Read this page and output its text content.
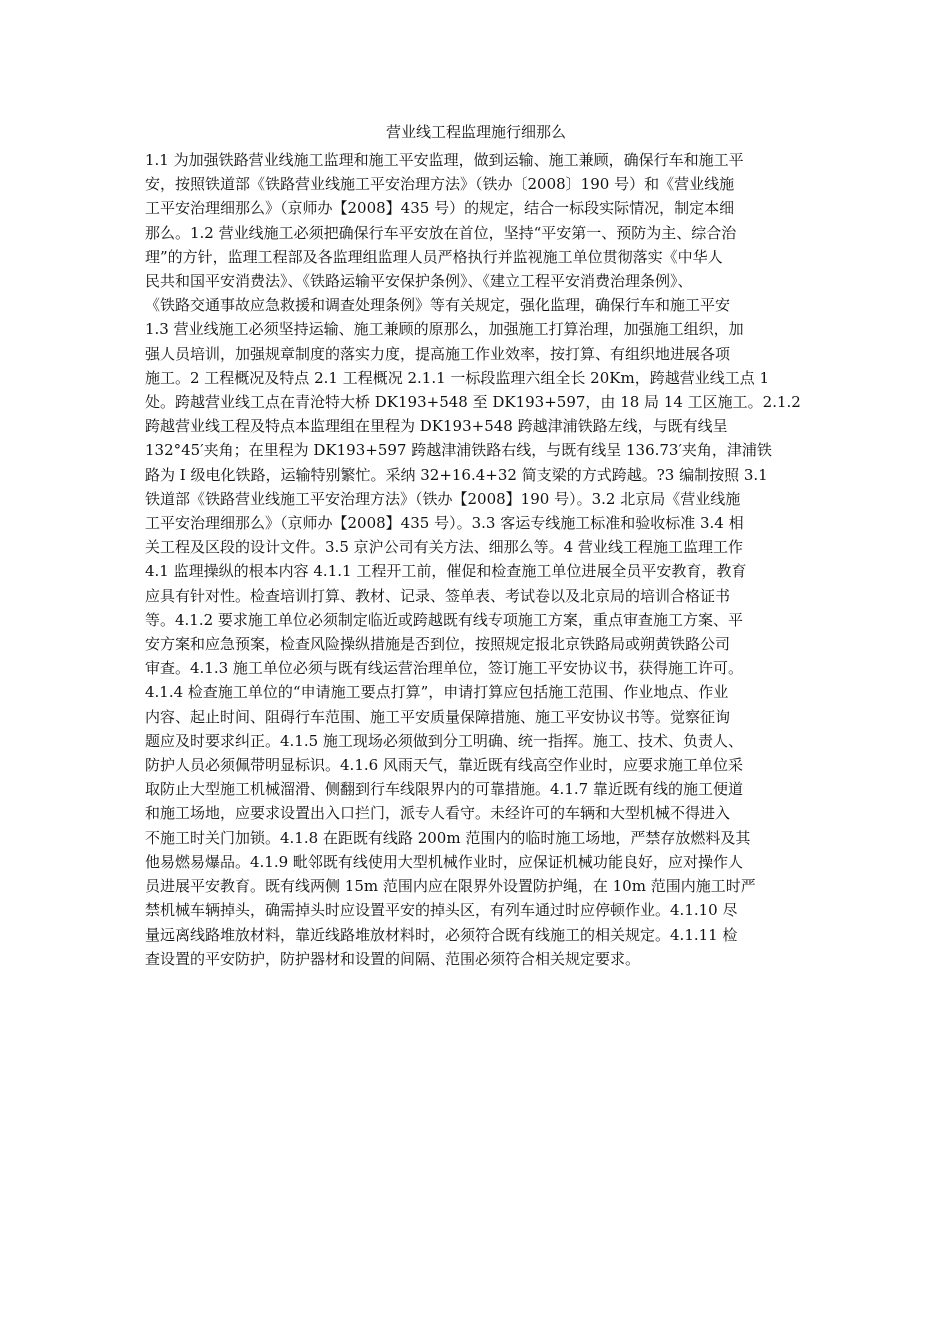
营业线工程监理施行细那么
1.1 为加强铁路营业线施工监理和施工平安监理，做到运输、施工兼顾，确保行车和施工平
安，按照铁道部《铁路营业线施工平安治理方法》（铁办〔2008〕190 号）和《营业线施
工平安治理细那么》（京师办【2008】435 号）的规定，结合一标段实际情况，制定本细
那么。1.2 营业线施工必须把确保行车平安放在首位，坚持“平安第一、预防为主、综合治
理”的方针，监理工程部及各监理组监理人员严格执行并监视施工单位贯彻落实《中华人
民共和国平安消费法》、《铁路运输平安保护条例》、《建立工程平安消费治理条例》、
《铁路交通事故应急救援和调查处理条例》等有关规定，强化监理，确保行车和施工平安
1.3 营业线施工必须坚持运输、施工兼顾的原那么，加强施工打算治理，加强施工组织，加
强人员培训，加强规章制度的落实力度，提高施工作业效率，按打算、有组织地进展各项
施工。2 工程概况及特点 2.1 工程概况 2.1.1 一标段监理六组全长 20Km，跨越营业线工点 1
处。跨越营业线工点在青沧特大桥 DK193+548 至 DK193+597，由 18 局 14 工区施工。2.1.2
跨越营业线工程及特点本监理组在里程为 DK193+548 跨越津浦铁路左线，与既有线呈
132°45′夹角；在里程为 DK193+597 跨越津浦铁路右线，与既有线呈 136.73′夹角，津浦铁
路为 I 级电化铁路，运输特别繁忙。采纳 32+16.4+32 简支梁的方式跨越。?3 编制按照 3.1
铁道部《铁路营业线施工平安治理方法》（铁办【2008】190 号）。3.2 北京局《营业线施
工平安治理细那么》（京师办【2008】435 号）。3.3 客运专线施工标准和验收标准 3.4 相
关工程及区段的设计文件。3.5 京沪公司有关方法、细那么等。4 营业线工程施工监理工作
4.1 监理操纵的根本内容 4.1.1 工程开工前，催促和检查施工单位进展全员平安教育，教育
应具有针对性。检查培训打算、教材、记录、签单表、考试卷以及北京局的培训合格证书
等。4.1.2 要求施工单位必须制定临近或跨越既有线专项施工方案，重点审查施工方案、平
安方案和应急预案，检查风险操纵措施是否到位，按照规定报北京铁路局或朔黄铁路公司
审查。4.1.3 施工单位必须与既有线运营治理单位，签订施工平安协议书，获得施工许可。
4.1.4 检查施工单位的“申请施工要点打算”，申请打算应包括施工范围、作业地点、作业
内容、起止时间、阻碍行车范围、施工平安质量保障措施、施工平安协议书等。觉察征询
题应及时要求纠正。4.1.5 施工现场必须做到分工明确、统一指挥。施工、技术、负责人、
防护人员必须佩带明显标识。4.1.6 风雨天气，靠近既有线高空作业时，应要求施工单位采
取防止大型施工机械溜滑、侧翻到行车线限界内的可靠措施。4.1.7 靠近既有线的施工便道
和施工场地，应要求设置出入口拦门，派专人看守。未经许可的车辆和大型机械不得进入
不施工时关门加锁。4.1.8 在距既有线路 200m 范围内的临时施工场地，严禁存放燃料及其
他易燃易爆品。4.1.9 毗邻既有线使用大型机械作业时，应保证机械功能良好，应对操作人
员进展平安教育。既有线两侧 15m 范围内应在限界外设置防护绳，在 10m 范围内施工时严
禁机械车辆掉头，确需掉头时应设置平安的掉头区，有列车通过时应停顿作业。4.1.10 尽
量远离线路堆放材料，靠近线路堆放材料时，必须符合既有线施工的相关规定。4.1.11 检
查设置的平安防护，防护器材和设置的间隔、范围必须符合相关规定要求。
